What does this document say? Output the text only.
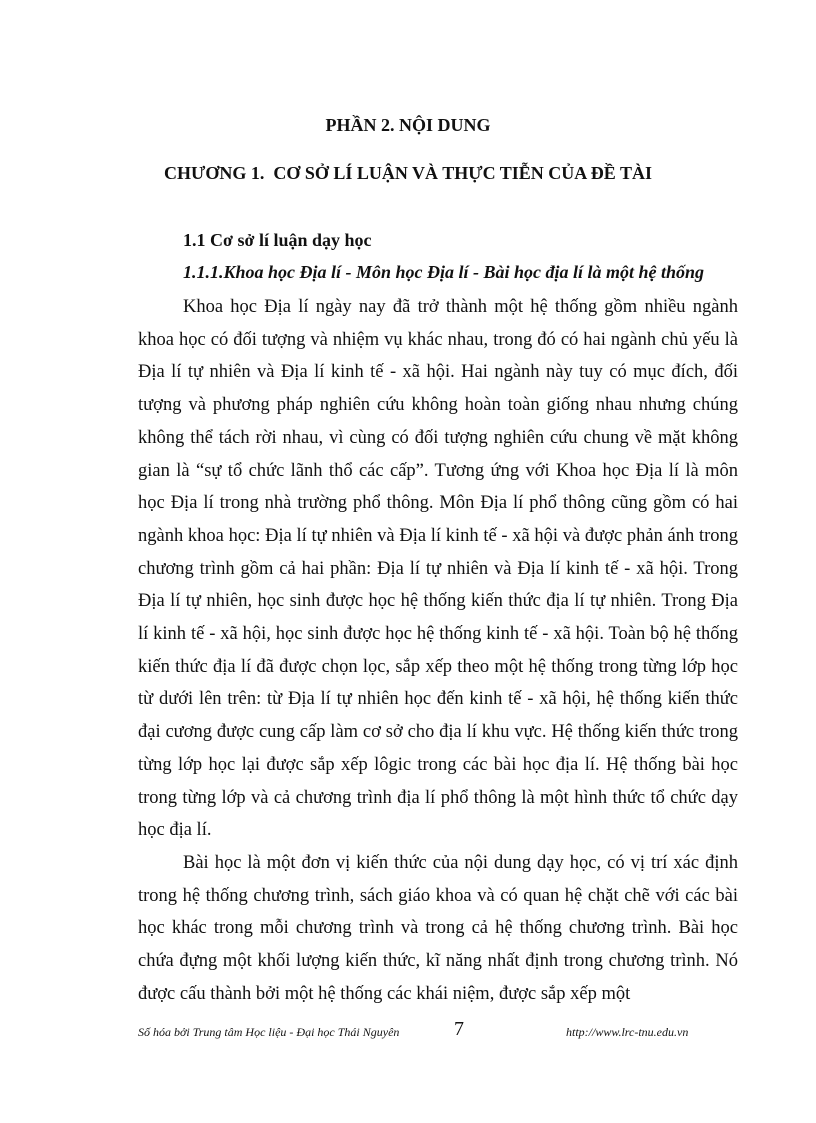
PHẦN 2. NỘI DUNG
CHƯƠNG 1.  CƠ SỞ LÍ LUẬN VÀ THỰC TIỄN CỦA ĐỀ TÀI
1.1 Cơ sở lí luận dạy học
1.1.1.Khoa học Địa lí - Môn học Địa lí - Bài học địa lí là một hệ thống

Khoa học Địa lí ngày nay đã trở thành một hệ thống gồm nhiều ngành khoa học có đối tượng và nhiệm vụ khác nhau, trong đó có hai ngành chủ yếu là Địa lí tự nhiên và Địa lí kinh tế - xã hội. Hai ngành này tuy có mục đích, đối tượng và phương pháp nghiên cứu không hoàn toàn giống nhau nhưng chúng không thể tách rời nhau, vì cùng có đối tượng nghiên cứu chung về mặt không gian là “sự tổ chức lãnh thổ các cấp”. Tương ứng với Khoa học Địa lí là môn học Địa lí trong nhà trường phổ thông. Môn Địa lí phổ thông cũng gồm có hai ngành khoa học: Địa lí tự nhiên và Địa lí kinh tế - xã hội và được phản ánh trong chương trình gồm cả hai phần: Địa lí tự nhiên và Địa lí kinh tế - xã hội. Trong Địa lí tự nhiên, học sinh được học hệ thống kiến thức địa lí tự nhiên. Trong Địa lí kinh tế - xã hội, học sinh được học hệ thống kinh tế - xã hội. Toàn bộ hệ thống kiến thức địa lí đã được chọn lọc, sắp xếp theo một hệ thống trong từng lớp học từ dưới lên trên: từ Địa lí tự nhiên học đến kinh tế - xã hội, hệ thống kiến thức đại cương được cung cấp làm cơ sở cho địa lí khu vực. Hệ thống kiến thức trong từng lớp học lại được sắp xếp lôgic trong các bài học địa lí. Hệ thống bài học trong từng lớp và cả chương trình địa lí phổ thông là một hình thức tổ chức dạy học địa lí.

Bài học là một đơn vị kiến thức của nội dung dạy học, có vị trí xác định trong hệ thống chương trình, sách giáo khoa và có quan hệ chặt chẽ với các bài học khác trong mỗi chương trình và trong cả hệ thống chương trình. Bài học chứa đựng một khối lượng kiến thức, kĩ năng nhất định trong chương trình. Nó được cấu thành bởi một hệ thống các khái niệm, được sắp xếp một

Số hóa bởi Trung tâm Học liệu - Đại học Thái Nguyên	7	http://www.lrc-tnu.edu.vn
